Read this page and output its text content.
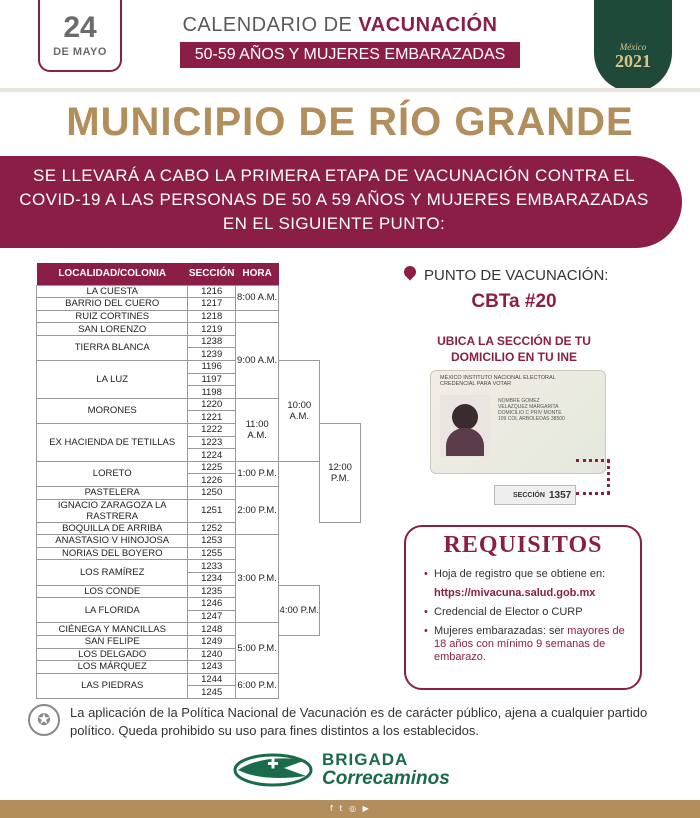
24
DE MAYO
CALENDARIO DE VACUNACIÓN
50-59 AÑOS Y MUJERES EMBARAZADAS	México
2021
MUNICIPIO DE RÍO GRANDE
SE LLEVARÁ A CABO LA PRIMERA ETAPA DE VACUNACIÓN CONTRA EL COVID-19 A LAS PERSONAS DE 50 A 59 AÑOS Y MUJERES EMBARAZADAS EN EL SIGUIENTE PUNTO:
LOCALIDAD/COLONIA	SECCIÓN	HORA		
LA CUESTA	1216	8:00 A.M.		
BARRIO DEL CUERO	1217			
RUIZ CORTINES	1218			
SAN LORENZO	1219	9:00 A.M.		
TIERRA BLANCA	1238			
	1239			
LA LUZ	1196		10:00 A.M.	
	1197			
	1198			
MORONES	1220	11:00 A.M.		
	1221			
EX HACIENDA DE TETILLAS	1222			12:00 P.M.
	1223			
	1224			
LORETO	1225	1:00 P.M.		
	1226			
PASTELERA	1250	2:00 P.M.		
IGNACIO ZARAGOZA LA RASTRERA	1251			
BOQUILLA DE ARRIBA	1252			
ANASTASIO V HINOJOSA	1253	3:00 P.M.		
NORIAS DEL BOYERO	1255			
LOS RAMÍREZ	1233			
	1234			
LOS CONDE	1235		4:00 P.M.	
LA FLORIDA	1246			
	1247			
CIÉNEGA Y MANCILLAS	1248	5:00 P.M.		
SAN FELIPE	1249			
LOS DELGADO	1240			
LOS MÁRQUEZ	1243			
LAS PIEDRAS	1244	6:00 P.M.		
	1245			
PUNTO DE VACUNACIÓN:
CBTa #20
UBICA LA SECCIÓN DE TU DOMICILIO EN TU INE
MÉXICO INSTITUTO NACIONAL ELECTORAL
CREDENCIAL PARA VOTAR
NOMBRE GOMEZ VELAZQUEZ MARGARITA DOMICILIO C PRIV MONTE 109 COL ARBOLEDAS 38500
SECCIÓN 1357
REQUISITOS
• Hoja de registro que se obtiene en:
https://mivacuna.salud.gob.mx
• Credencial de Elector o CURP
• Mujeres embarazadas: ser mayores de 18 años con mínimo 9 semanas de embarazo.
✪	La aplicación de la Política Nacional de Vacunación es de carácter público, ajena a cualquier partido político. Queda prohibido su uso para fines distintos a los establecidos.
BRIGADA
Correcaminos
f t ◎ ▶
